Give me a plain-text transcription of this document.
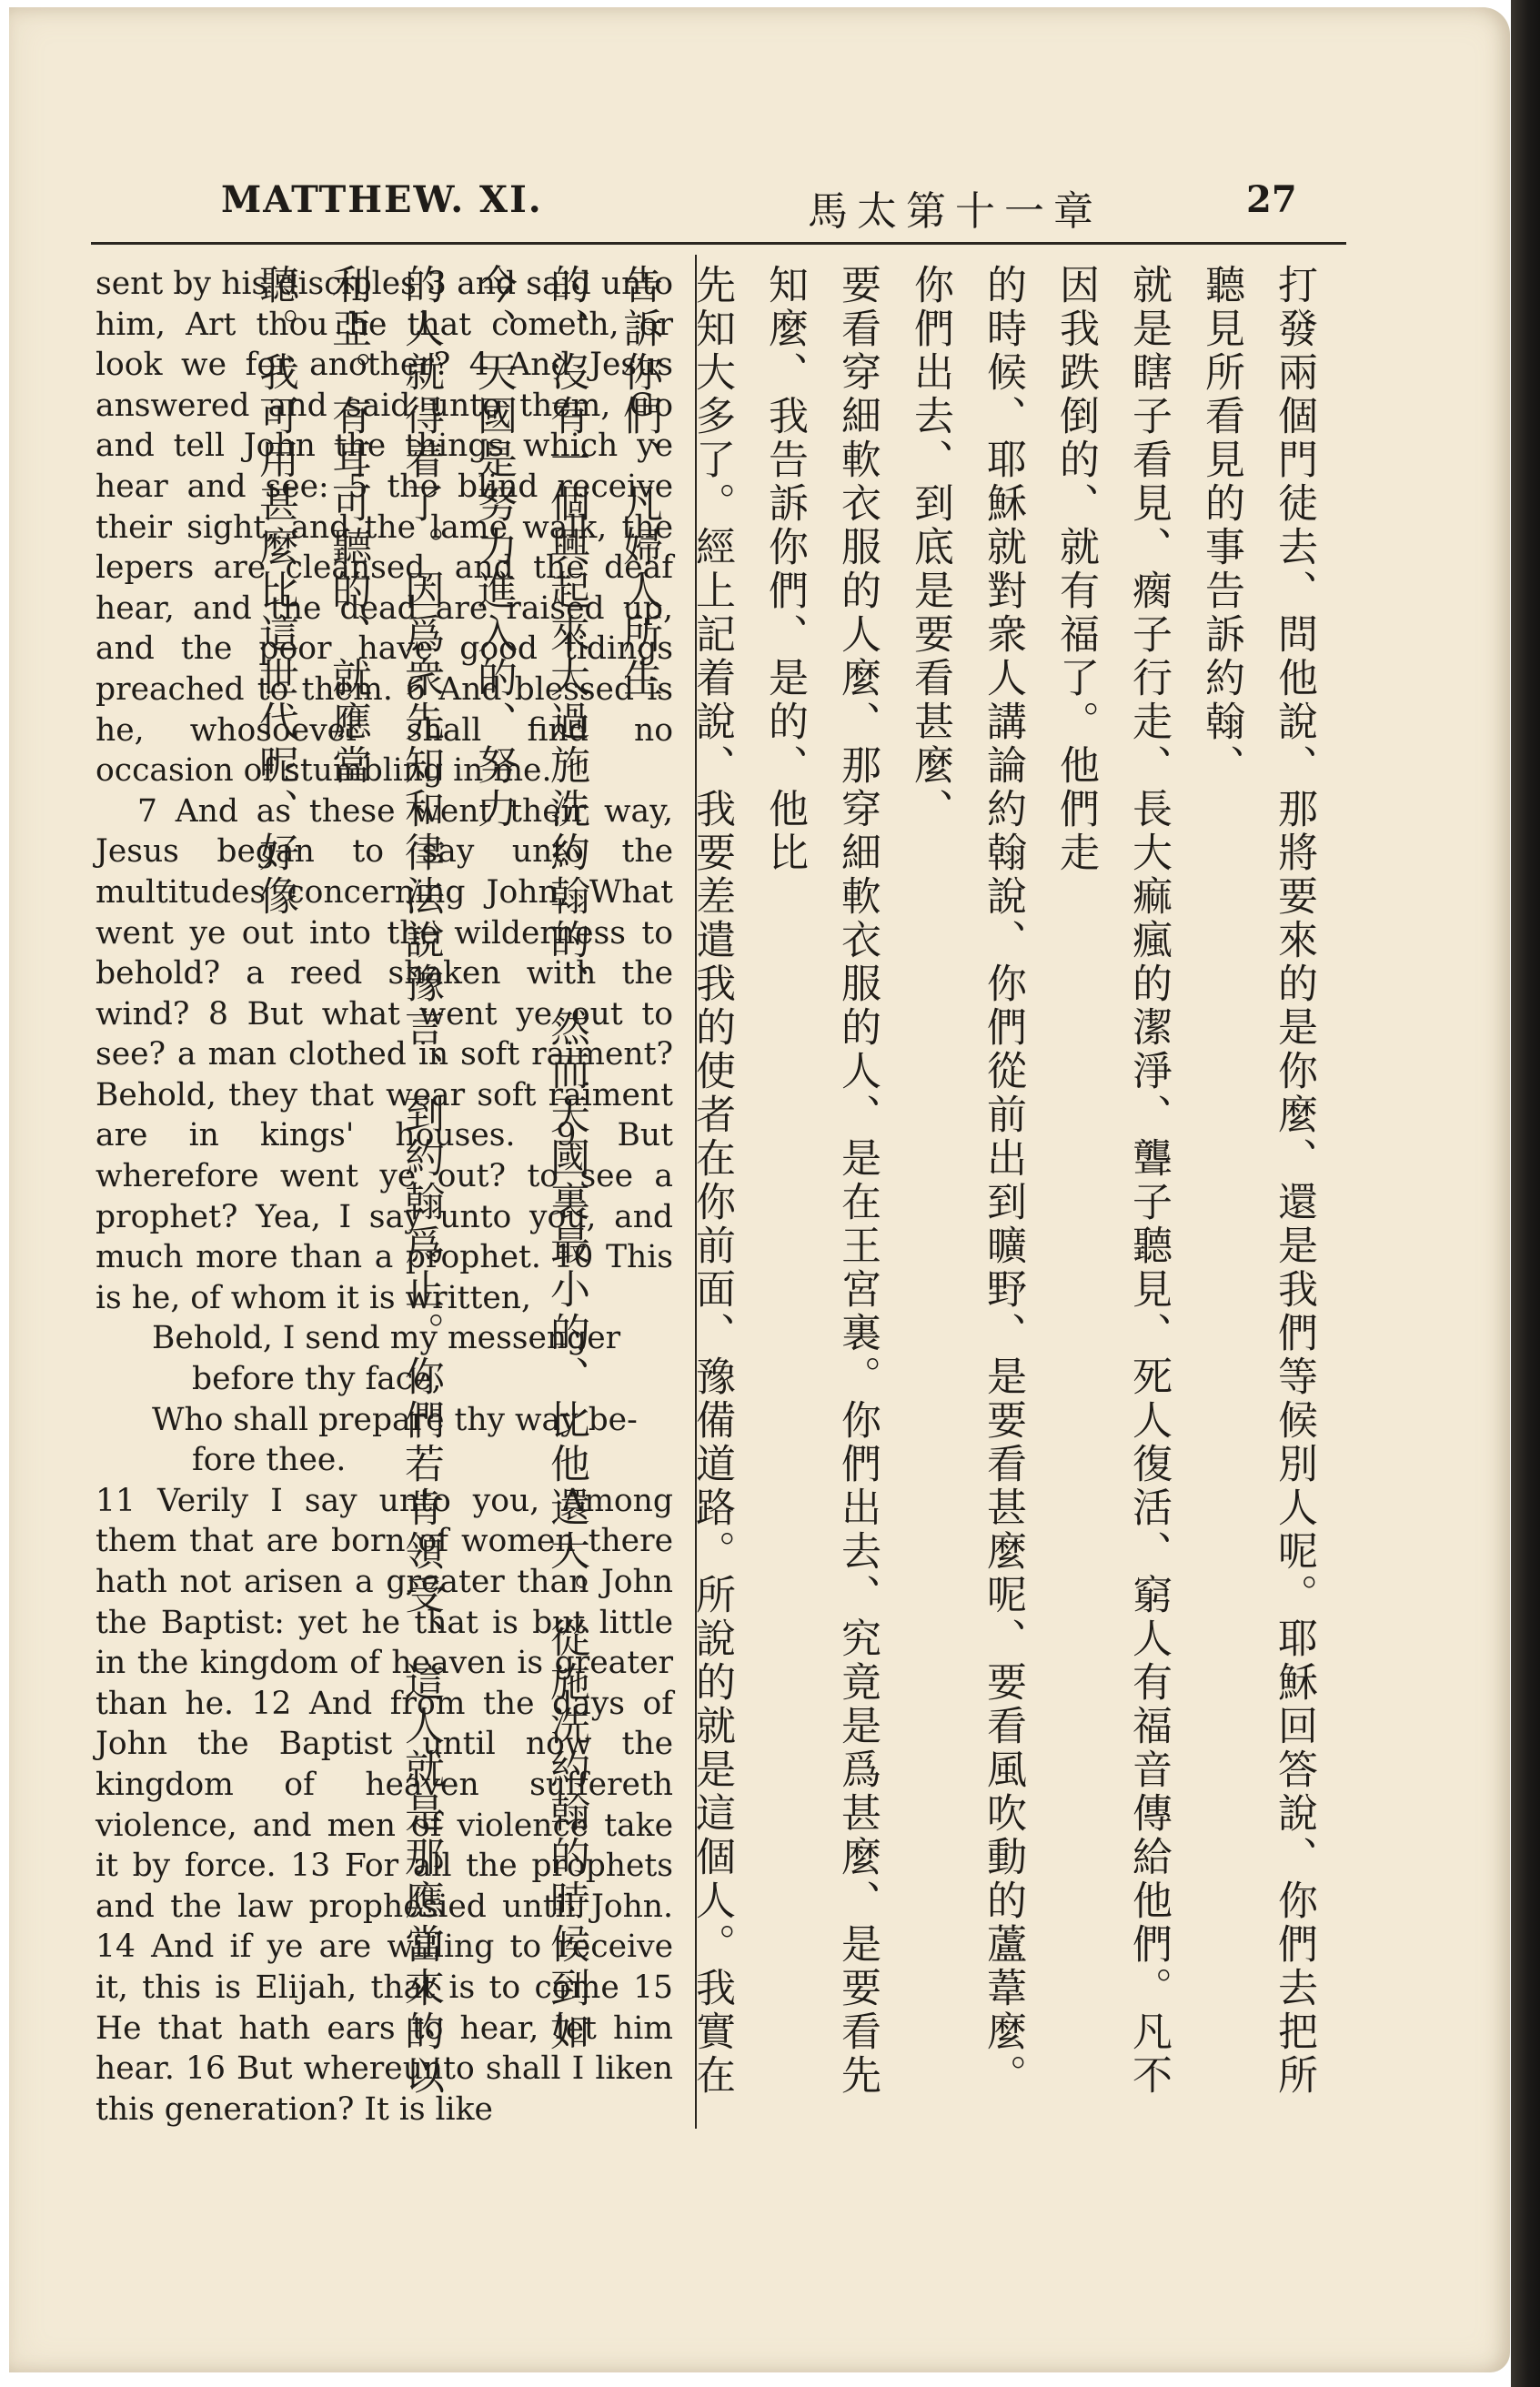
MATTHEW. XI.	馬太第十一章	27

sent by his disciples 3 and said unto him, Art thou he that cometh, or look we for another? 4 And Jesus answered and said unto them, Go and tell John the things which ye hear and see: 5 the blind receive their sight, and the lame walk, the lepers are cleansed, and the deaf hear, and the dead are raised up, and the poor have good tidings preached to them. 6 And blessed is he, whosoever shall find no occasion of stumbling in me.

7 And as these went their way, Jesus began to say unto the multitudes concerning John, What went ye out into the wilderness to behold? a reed shaken with the wind? 8 But what went ye out to see? a man clothed in soft raiment? Behold, they that wear soft raiment are in kings' houses. 9 But wherefore went ye out? to see a prophet? Yea, I say unto you, and much more than a prophet. 10 This is he, of whom it is written,

Behold, I send my messenger

before thy face,

Who shall prepare thy way be-

fore thee.

11 Verily I say unto you, Among them that are born of women there hath not arisen a greater than John the Baptist: yet he that is but little in the kingdom of heaven is greater than he. 12 And from the days of John the Baptist until now the kingdom of heaven suffereth violence, and men of violence take it by force. 13 For all the prophets and the law prophesied until John. 14 And if ye are willing to receive it, this is Elijah, that is to come 15 He that hath ears to hear, let him hear. 16 But whereunto shall I liken this generation? It is like

打發兩個門徒去、問他說、那將要來的是你麼、還是我們等候別人呢。耶穌回答說、你們去把所聽見所看見的事告訴約翰、
就是瞎子看見、瘸子行走、長大痲瘋的潔淨、聾子聽見、死人復活、窮人有福音傳給他們。凡不因我跌倒的、就有福了。他們走
的時候、耶穌就對衆人講論約翰說、你們從前出到曠野、是要看甚麼呢、要看風吹動的蘆葦麼。你們出去、到底是要看甚麼、
要看穿細軟衣服的人麼、那穿細軟衣服的人、是在王宮裏。你們出去、究竟是爲甚麼、是要看先知麼、我告訴你們、是的、他比
先知大多了。經上記着說、我要差遣我的使者在你前面、豫備道路。所說的就是這個人。我實在告訴你們、凡婦人所生
的、沒有一個興起來大過施洗約翰的、然而天國裏最小的、比他還大。從施洗約翰的時候到如今、天國是努力進入的、努力
的人就得着了。因爲衆先知和律法說豫言、到約翰爲止。你們若肯領受、這人就是那應當來的以利亞。有耳可聽的、就應當
聽。我可用甚麼比這世代呢、好像
